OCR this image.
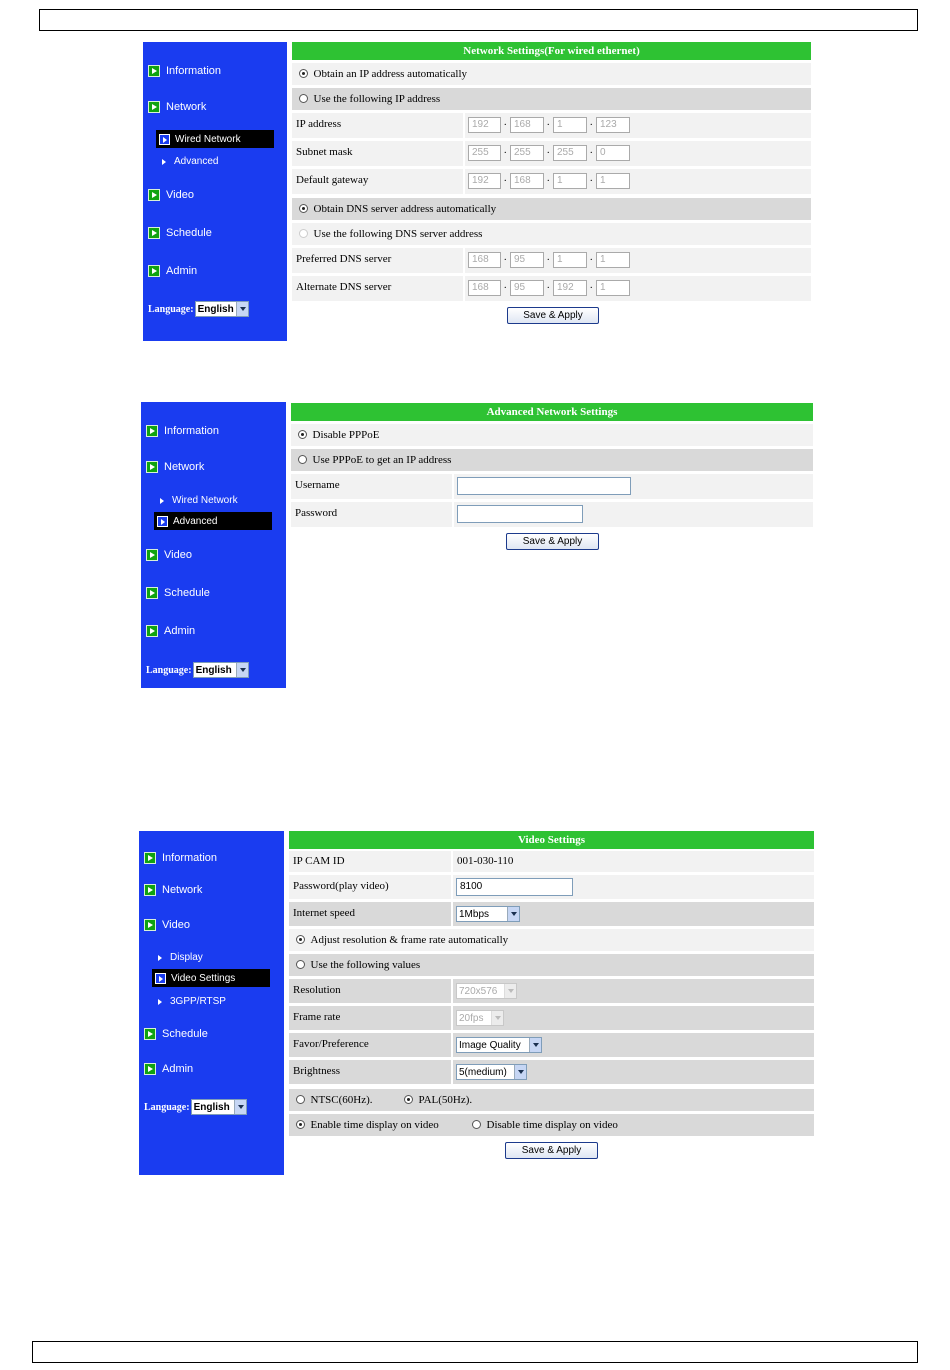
Information
Network
Wired Network
Advanced
Video
Schedule
Admin
Language: English
Network Settings(For wired ethernet)
Obtain an IP address automatically
Use the following IP address
IP address	192	. 168	. 1	. 123
Subnet mask	255	. 255	. 255	. 0
Default gateway	192	. 168	. 1	. 1
Obtain DNS server address automatically
Use the following DNS server address
Preferred DNS server	168	. 95	. 1	. 1
Alternate DNS server	168	. 95	. 192	. 1
Save & Apply
Information
Network
Wired Network
Advanced
Video
Schedule
Admin
Language: English
Advanced Network Settings
Disable PPPoE
Use PPPoE to get an IP address
Username
Password
Save & Apply
Information
Network
Video
Display
Video Settings
3GPP/RTSP
Schedule
Admin
Language: English
Video Settings
IP CAM ID	001-030-110
Password(play video)	8100
Internet speed	1Mbps
Adjust resolution & frame rate automatically
Use the following values
Resolution	720x576
Frame rate	20fps
Favor/Preference	Image Quality
Brightness	5(medium)
NTSC(60Hz).	PAL(50Hz).
Enable time display on video	Disable time display on video
Save & Apply
